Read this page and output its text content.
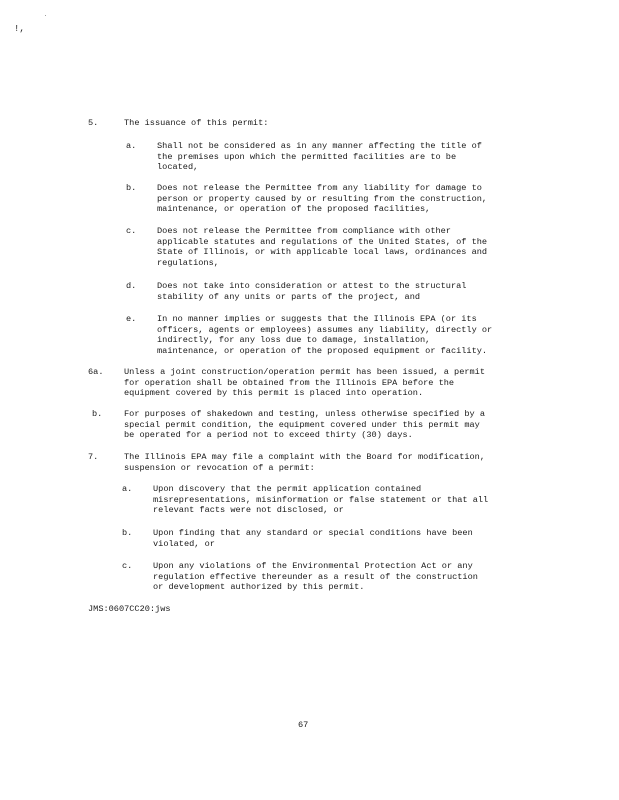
!,
.
5.	The issuance of this permit:
a. Shall not be considered as in any manner affecting the title of
the premises upon which the permitted facilities are to be
located,
b. Does not release the Permittee from any liability for damage to
person or property caused by or resulting from the construction,
maintenance, or operation of the proposed facilities,
c. Does not release the Permittee from compliance with other
applicable statutes and regulations of the United States, of the
State of Illinois, or with applicable local laws, ordinances and
regulations,
d. Does not take into consideration or attest to the structural
stability of any units or parts of the project, and
e. In no manner implies or suggests that the Illinois EPA (or its
officers, agents or employees) assumes any liability, directly or
indirectly, for any loss due to damage, installation,
maintenance, or operation of the proposed equipment or facility.
6a. Unless a joint construction/operation permit has been issued, a permit
for operation shall be obtained from the Illinois EPA before the
equipment covered by this permit is placed into operation.
b.	For purposes of shakedown and testing, unless otherwise specified by a
special permit condition, the equipment covered under this permit may
be operated for a period not to exceed thirty (30) days.
7.	The Illinois EPA may file a complaint with the Board for modification,
suspension or revocation of a permit:
a. Upon discovery that the permit application contained
misrepresentations, misinformation or false statement or that all
relevant facts were not disclosed, or
b. Upon finding that any standard or special conditions have been
violated, or
c. Upon any violations of the Environmental Protection Act or any
regulation effective thereunder as a result of the construction
or development authorized by this permit.
JMS:0607CC20:jws
67
